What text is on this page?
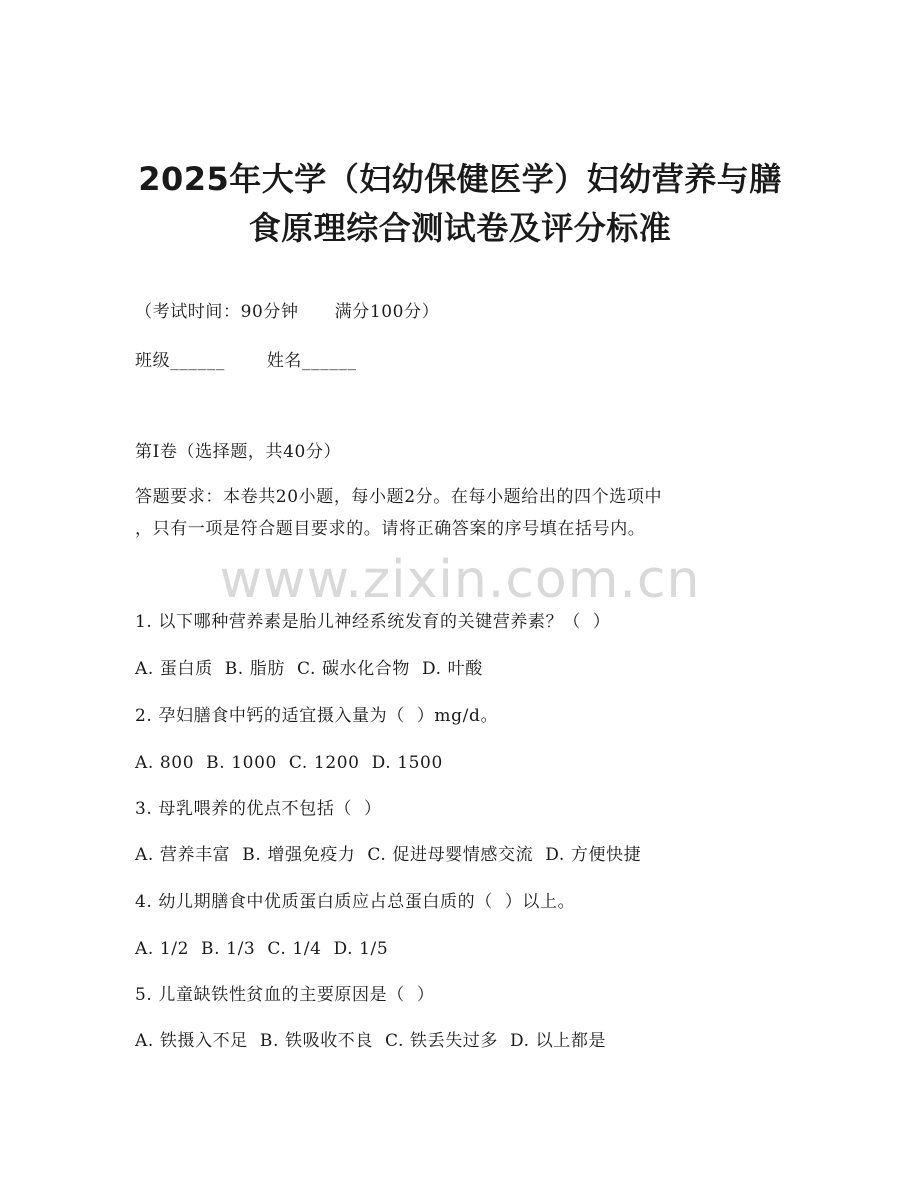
2025年大学（妇幼保健医学）妇幼营养与膳
食原理综合测试卷及评分标准
（考试时间：90分钟      满分100分）
班级______       姓名______
第I卷（选择题，共40分）
答题要求：本卷共20小题，每小题2分。在每小题给出的四个选项中
，只有一项是符合题目要求的。请将正确答案的序号填在括号内。
www.zixin.com.cn
1. 以下哪种营养素是胎儿神经系统发育的关键营养素？（  ）
A. 蛋白质  B. 脂肪  C. 碳水化合物  D. 叶酸
2. 孕妇膳食中钙的适宜摄入量为（  ）mg/d。
A. 800  B. 1000  C. 1200  D. 1500
3. 母乳喂养的优点不包括（  ）
A. 营养丰富  B. 增强免疫力  C. 促进母婴情感交流  D. 方便快捷
4. 幼儿期膳食中优质蛋白质应占总蛋白质的（  ）以上。
A. 1/2  B. 1/3  C. 1/4  D. 1/5
5. 儿童缺铁性贫血的主要原因是（  ）
A. 铁摄入不足  B. 铁吸收不良  C. 铁丢失过多  D. 以上都是
